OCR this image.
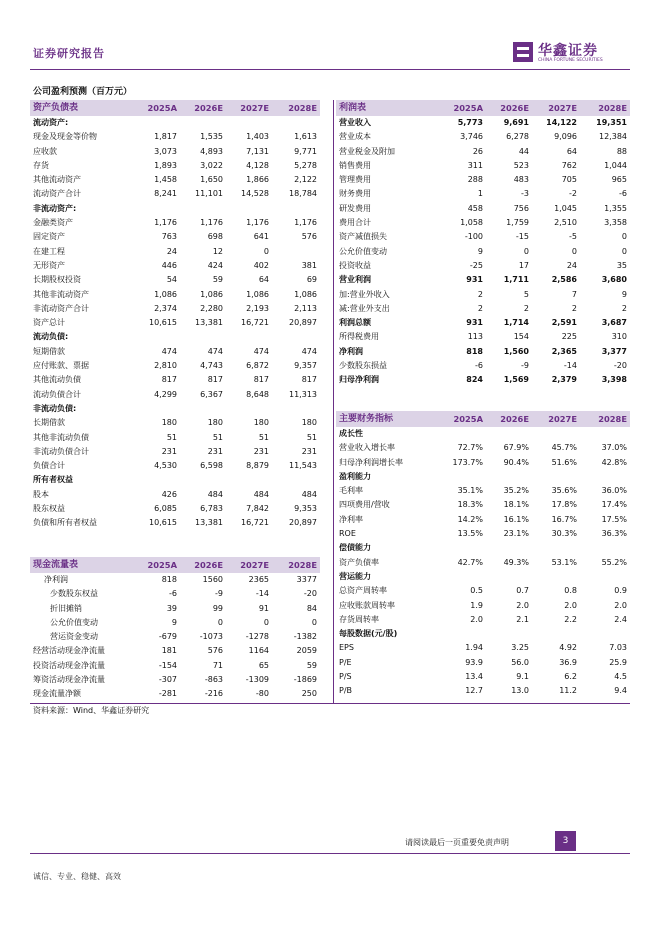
证券研究报告	华鑫证券
CHINA FORTUNE SECURITIES
公司盈利预测（百万元）
资产负债表	2025A	2026E	2027E	2028E
流动资产:				
现金及现金等价物	1,817	1,535	1,403	1,613
应收款	3,073	4,893	7,131	9,771
存货	1,893	3,022	4,128	5,278
其他流动资产	1,458	1,650	1,866	2,122
流动资产合计	8,241	11,101	14,528	18,784
非流动资产:				
金融类资产	1,176	1,176	1,176	1,176
固定资产	763	698	641	576
在建工程	24	12	0	
无形资产	446	424	402	381
长期股权投资	54	59	64	69
其他非流动资产	1,086	1,086	1,086	1,086
非流动资产合计	2,374	2,280	2,193	2,113
资产总计	10,615	13,381	16,721	20,897
流动负债:				
短期借款	474	474	474	474
应付账款、票据	2,810	4,743	6,872	9,357
其他流动负债	817	817	817	817
流动负债合计	4,299	6,367	8,648	11,313
非流动负债:				
长期借款	180	180	180	180
其他非流动负债	51	51	51	51
非流动负债合计	231	231	231	231
负债合计	4,530	6,598	8,879	11,543
所有者权益				
股本	426	484	484	484
股东权益	6,085	6,783	7,842	9,353
负债和所有者权益	10,615	13,381	16,721	20,897
现金流量表	2025A	2026E	2027E	2028E
净利润	818	1560	2365	3377
少数股东权益	-6	-9	-14	-20
折旧摊销	39	99	91	84
公允价值变动	9	0	0	0
营运资金变动	-679	-1073	-1278	-1382
经营活动现金净流量	181	576	1164	2059
投资活动现金净流量	-154	71	65	59
筹资活动现金净流量	-307	-863	-1309	-1869
现金流量净额	-281	-216	-80	250
利润表	2025A	2026E	2027E	2028E
营业收入	5,773	9,691	14,122	19,351
营业成本	3,746	6,278	9,096	12,384
营业税金及附加	26	44	64	88
销售费用	311	523	762	1,044
管理费用	288	483	705	965
财务费用	1	-3	-2	-6
研发费用	458	756	1,045	1,355
费用合计	1,058	1,759	2,510	3,358
资产减值损失	-100	-15	-5	0
公允价值变动	9	0	0	0
投资收益	-25	17	24	35
营业利润	931	1,711	2,586	3,680
加:营业外收入	2	5	7	9
减:营业外支出	2	2	2	2
利润总额	931	1,714	2,591	3,687
所得税费用	113	154	225	310
净利润	818	1,560	2,365	3,377
少数股东损益	-6	-9	-14	-20
归母净利润	824	1,569	2,379	3,398
主要财务指标	2025A	2026E	2027E	2028E
成长性				
营业收入增长率	72.7%	67.9%	45.7%	37.0%
归母净利润增长率	173.7%	90.4%	51.6%	42.8%
盈利能力				
毛利率	35.1%	35.2%	35.6%	36.0%
四项费用/营收	18.3%	18.1%	17.8%	17.4%
净利率	14.2%	16.1%	16.7%	17.5%
ROE	13.5%	23.1%	30.3%	36.3%
偿债能力				
资产负债率	42.7%	49.3%	53.1%	55.2%
营运能力				
总资产周转率	0.5	0.7	0.8	0.9
应收账款周转率	1.9	2.0	2.0	2.0
存货周转率	2.0	2.1	2.2	2.4
每股数据(元/股)				
EPS	1.94	3.25	4.92	7.03
P/E	93.9	56.0	36.9	25.9
P/S	13.4	9.1	6.2	4.5
P/B	12.7	13.0	11.2	9.4
资料来源：Wind、华鑫证券研究
请阅读最后一页重要免责声明	3
诚信、专业、稳健、高效
